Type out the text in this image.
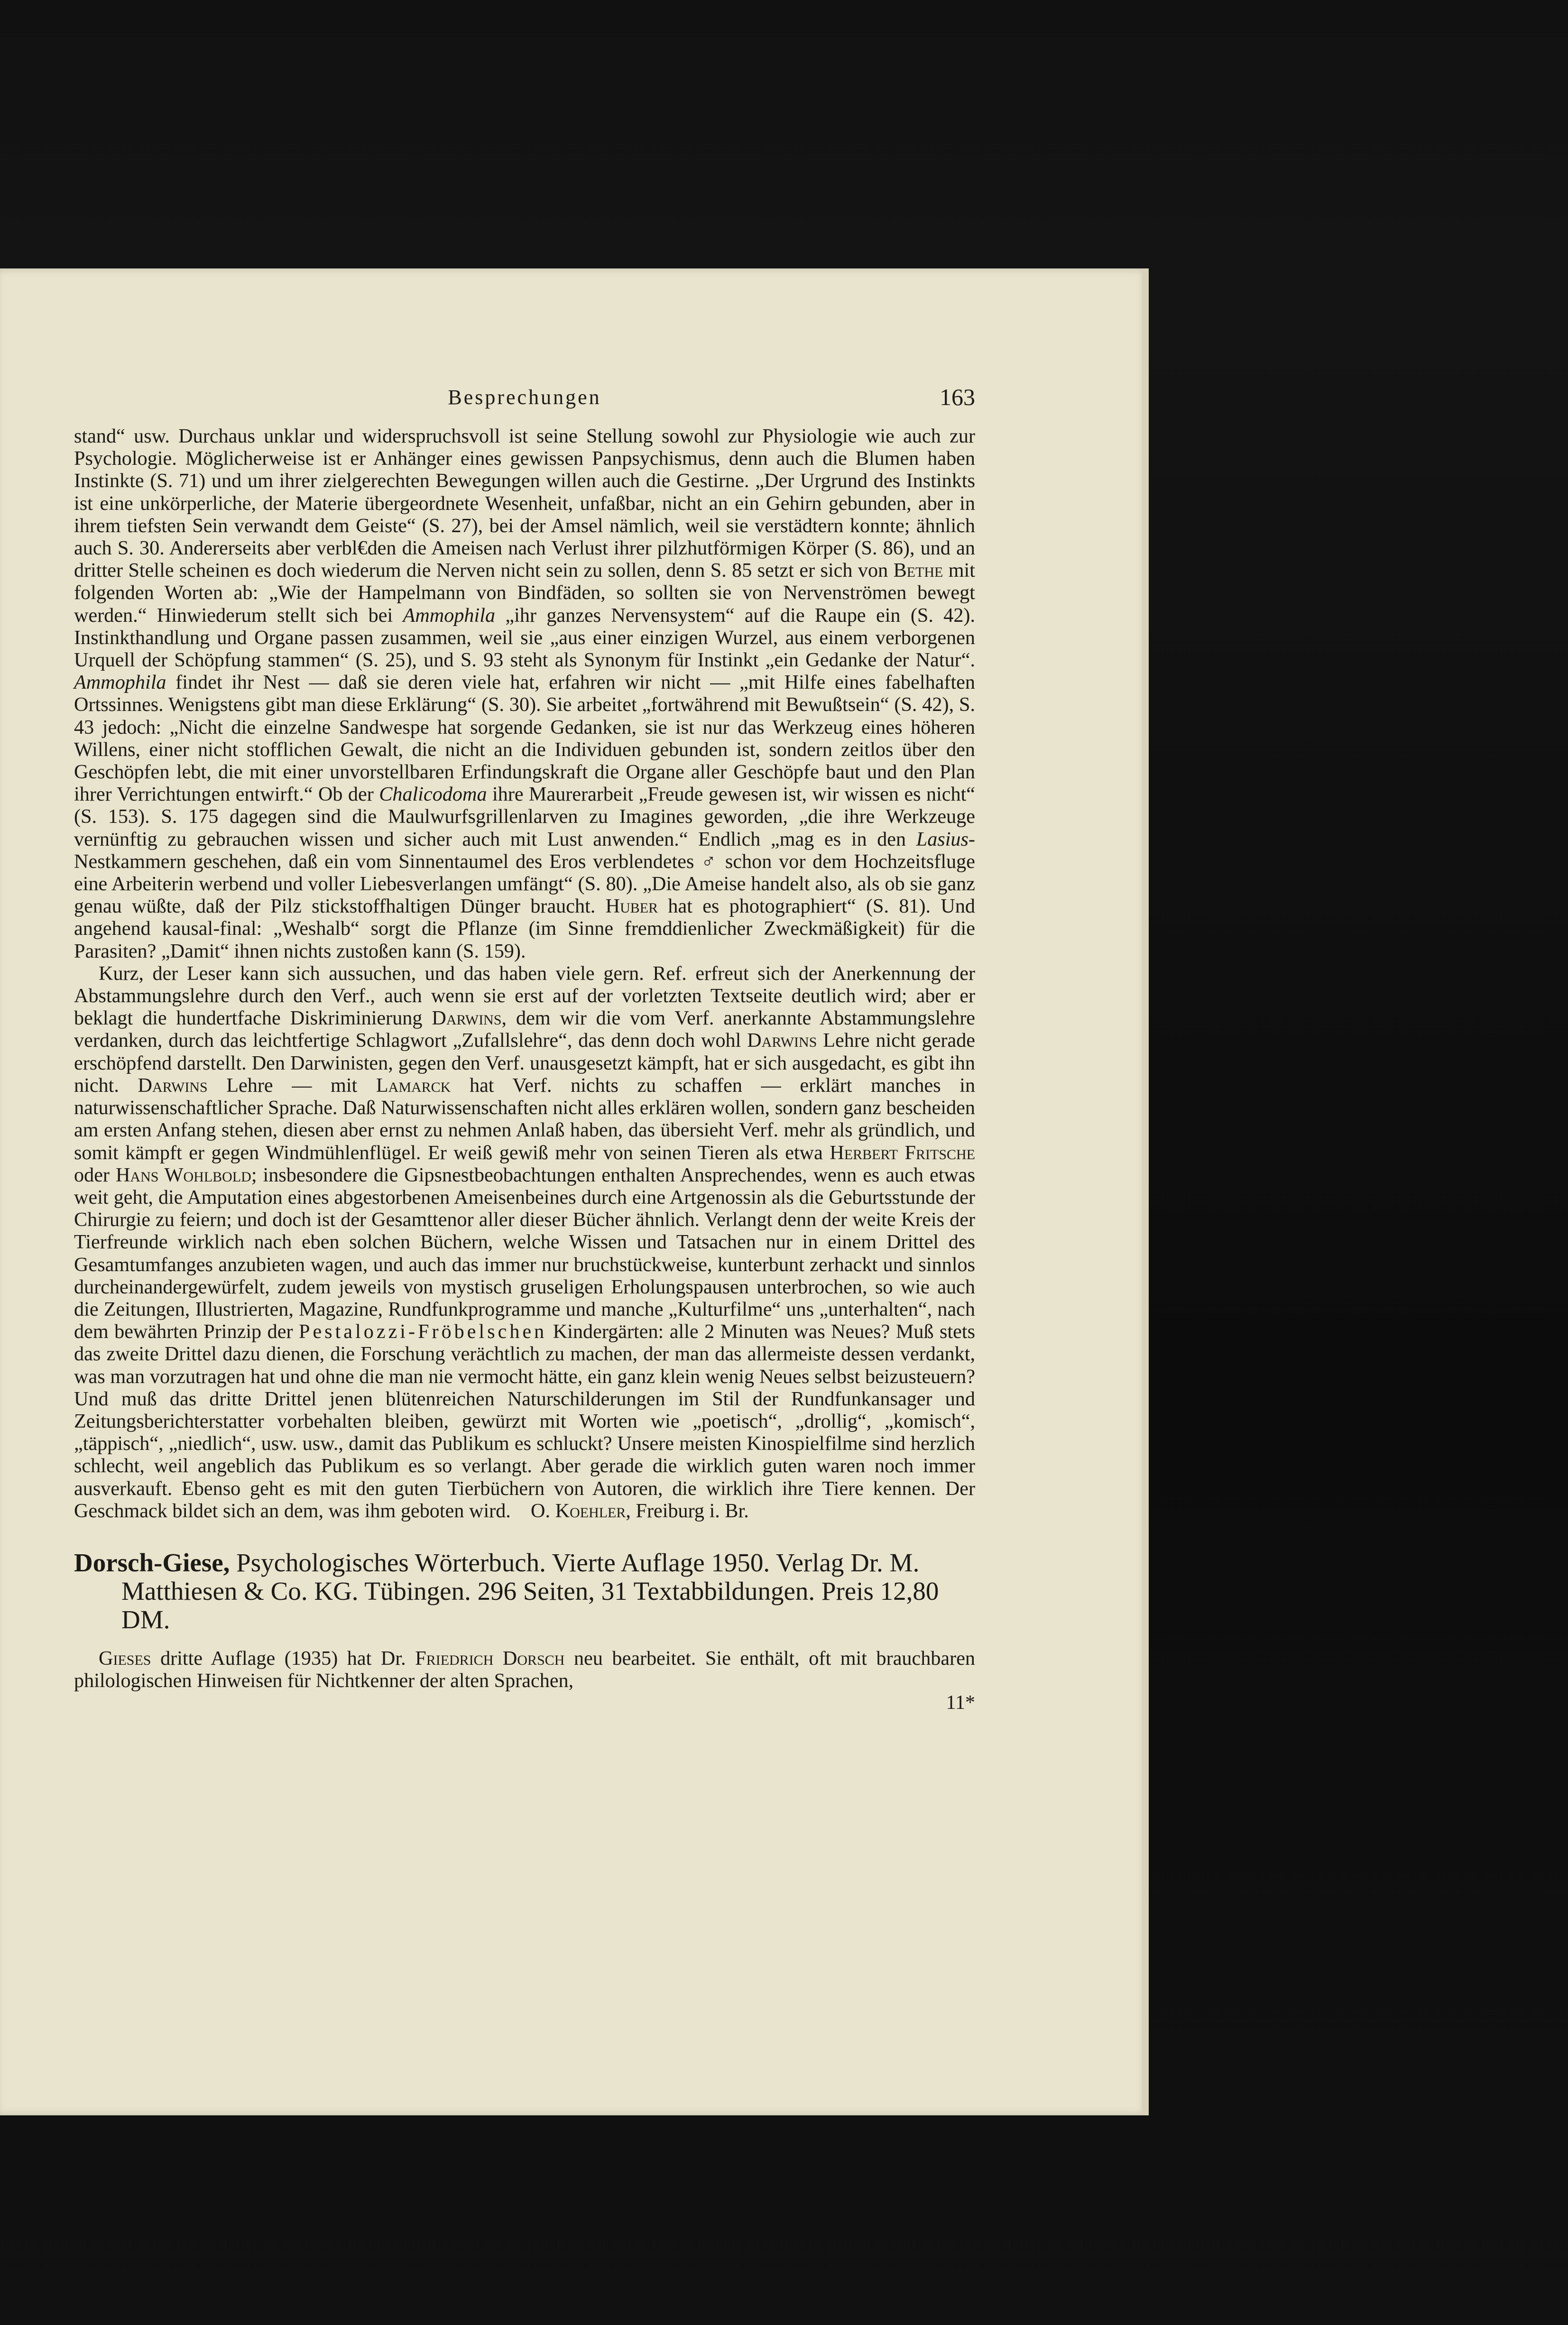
Besprechungen	163

stand“ usw. Durchaus unklar und widerspruchsvoll ist seine Stellung sowohl zur Physiologie wie auch zur Psychologie. Möglicherweise ist er Anhänger eines gewissen Panpsychismus, denn auch die Blumen haben Instinkte (S. 71) und um ihrer zielgerechten Bewegungen willen auch die Gestirne. „Der Urgrund des Instinkts ist eine unkörperliche, der Materie übergeordnete Wesenheit, unfaßbar, nicht an ein Gehirn gebunden, aber in ihrem tiefsten Sein verwandt dem Geiste“ (S. 27), bei der Amsel nämlich, weil sie verstädtern konnte; ähnlich auch S. 30. Andererseits aber verbl€den die Ameisen nach Verlust ihrer pilzhutförmigen Körper (S. 86), und an dritter Stelle scheinen es doch wiederum die Nerven nicht sein zu sollen, denn S. 85 setzt er sich von Bethe mit folgenden Worten ab: „Wie der Hampelmann von Bindfäden, so sollten sie von Nervenströmen bewegt werden.“ Hinwiederum stellt sich bei Ammophila „ihr ganzes Nervensystem“ auf die Raupe ein (S. 42). Instinkthandlung und Organe passen zusammen, weil sie „aus einer einzigen Wurzel, aus einem verborgenen Urquell der Schöpfung stammen“ (S. 25), und S. 93 steht als Synonym für Instinkt „ein Gedanke der Natur“. Ammophila findet ihr Nest — daß sie deren viele hat, erfahren wir nicht — „mit Hilfe eines fabelhaften Ortssinnes. Wenigstens gibt man diese Erklärung“ (S. 30). Sie arbeitet „fortwährend mit Bewußtsein“ (S. 42), S. 43 jedoch: „Nicht die einzelne Sandwespe hat sorgende Gedanken, sie ist nur das Werkzeug eines höheren Willens, einer nicht stofflichen Gewalt, die nicht an die Individuen gebunden ist, sondern zeitlos über den Geschöpfen lebt, die mit einer unvorstellbaren Erfindungskraft die Organe aller Geschöpfe baut und den Plan ihrer Verrichtungen entwirft.“ Ob der Chalicodoma ihre Maurerarbeit „Freude gewesen ist, wir wissen es nicht“ (S. 153). S. 175 dagegen sind die Maulwurfsgrillenlarven zu Imagines geworden, „die ihre Werkzeuge vernünftig zu gebrauchen wissen und sicher auch mit Lust anwenden.“ Endlich „mag es in den Lasius-Nestkammern geschehen, daß ein vom Sinnentaumel des Eros verblendetes ♂ schon vor dem Hochzeitsfluge eine Arbeiterin werbend und voller Liebesverlangen umfängt“ (S. 80). „Die Ameise handelt also, als ob sie ganz genau wüßte, daß der Pilz stickstoffhaltigen Dünger braucht. Huber hat es photographiert“ (S. 81). Und angehend kausal-final: „Weshalb“ sorgt die Pflanze (im Sinne fremddienlicher Zweckmäßigkeit) für die Parasiten? „Damit“ ihnen nichts zustoßen kann (S. 159).

Kurz, der Leser kann sich aussuchen, und das haben viele gern. Ref. erfreut sich der Anerkennung der Abstammungslehre durch den Verf., auch wenn sie erst auf der vorletzten Textseite deutlich wird; aber er beklagt die hundertfache Diskriminierung Darwins, dem wir die vom Verf. anerkannte Abstammungslehre verdanken, durch das leichtfertige Schlagwort „Zufallslehre“, das denn doch wohl Darwins Lehre nicht gerade erschöpfend darstellt. Den Darwinisten, gegen den Verf. unausgesetzt kämpft, hat er sich ausgedacht, es gibt ihn nicht. Darwins Lehre — mit Lamarck hat Verf. nichts zu schaffen — erklärt manches in naturwissenschaftlicher Sprache. Daß Naturwissenschaften nicht alles erklären wollen, sondern ganz bescheiden am ersten Anfang stehen, diesen aber ernst zu nehmen Anlaß haben, das übersieht Verf. mehr als gründlich, und somit kämpft er gegen Windmühlenflügel. Er weiß gewiß mehr von seinen Tieren als etwa Herbert Fritsche oder Hans Wohlbold; insbesondere die Gipsnestbeobachtungen enthalten Ansprechendes, wenn es auch etwas weit geht, die Amputation eines abgestorbenen Ameisenbeines durch eine Artgenossin als die Geburtsstunde der Chirurgie zu feiern; und doch ist der Gesamttenor aller dieser Bücher ähnlich. Verlangt denn der weite Kreis der Tierfreunde wirklich nach eben solchen Büchern, welche Wissen und Tatsachen nur in einem Drittel des Gesamtumfanges anzubieten wagen, und auch das immer nur bruchstückweise, kunterbunt zerhackt und sinnlos durcheinandergewürfelt, zudem jeweils von mystisch gruseligen Erholungspausen unterbrochen, so wie auch die Zeitungen, Illustrierten, Magazine, Rundfunkprogramme und manche „Kulturfilme“ uns „unterhalten“, nach dem bewährten Prinzip der Pestalozzi-Fröbelschen Kindergärten: alle 2 Minuten was Neues? Muß stets das zweite Drittel dazu dienen, die Forschung verächtlich zu machen, der man das allermeiste dessen verdankt, was man vorzutragen hat und ohne die man nie vermocht hätte, ein ganz klein wenig Neues selbst beizusteuern? Und muß das dritte Drittel jenen blütenreichen Naturschilderungen im Stil der Rundfunkansager und Zeitungsberichterstatter vorbehalten bleiben, gewürzt mit Worten wie „poetisch“, „drollig“, „komisch“, „täppisch“, „niedlich“, usw. usw., damit das Publikum es schluckt? Unsere meisten Kinospielfilme sind herzlich schlecht, weil angeblich das Publikum es so verlangt. Aber gerade die wirklich guten waren noch immer ausverkauft. Ebenso geht es mit den guten Tierbüchern von Autoren, die wirklich ihre Tiere kennen. Der Geschmack bildet sich an dem, was ihm geboten wird. O. Koehler, Freiburg i. Br.

Dorsch-Giese, Psychologisches Wörterbuch. Vierte Auflage 1950. Verlag Dr. M. Matthiesen & Co. KG. Tübingen. 296 Seiten, 31 Textabbildungen. Preis 12,80 DM.

Gieses dritte Auflage (1935) hat Dr. Friedrich Dorsch neu bearbeitet. Sie enthält, oft mit brauchbaren philologischen Hinweisen für Nichtkenner der alten Sprachen,

11*
